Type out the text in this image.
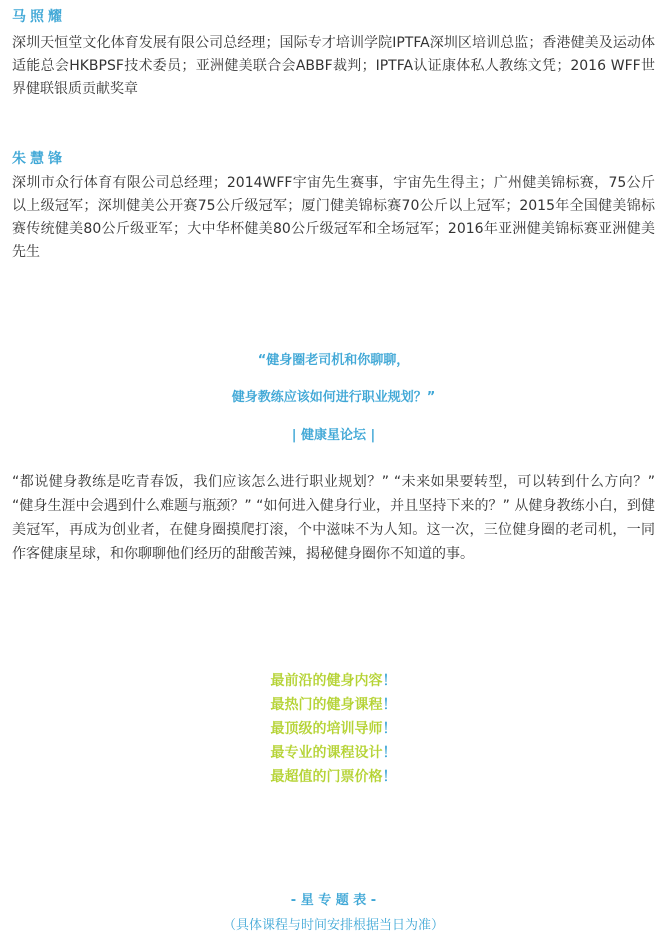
马照耀

深圳天恒堂文化体育发展有限公司总经理；国际专才培训学院IPTFA深圳区培训总监；香港健美及运动体适能总会HKBPSF技术委员；亚洲健美联合会ABBF裁判；IPTFA认证康体私人教练文凭；2016 WFF世界健联银质贡献奖章

朱慧锋

深圳市众行体育有限公司总经理；2014WFF宇宙先生赛事，宇宙先生得主；广州健美锦标赛，75公斤以上级冠军；深圳健美公开赛75公斤级冠军；厦门健美锦标赛70公斤以上冠军；2015年全国健美锦标赛传统健美80公斤级亚军；大中华杯健美80公斤级冠军和全场冠军；2016年亚洲健美锦标赛亚洲健美先生

“健身圈老司机和你聊聊，

健身教练应该如何进行职业规划？”

| 健康星论坛 |

“都说健身教练是吃青春饭，我们应该怎么进行职业规划？” “未来如果要转型，可以转到什么方向？” “健身生涯中会遇到什么难题与瓶颈？” “如何进入健身行业，并且坚持下来的？” 从健身教练小白，到健美冠军，再成为创业者，在健身圈摸爬打滚，个中滋味不为人知。这一次，三位健身圈的老司机，一同作客健康星球，和你聊聊他们经历的甜酸苦辣，揭秘健身圈你不知道的事。

最前沿的健身内容！

最热门的健身课程！

最顶级的培训导师！

最专业的课程设计！

最超值的门票价格！

- 星 专 题 表 -

（具体课程与时间安排根据当日为准）
